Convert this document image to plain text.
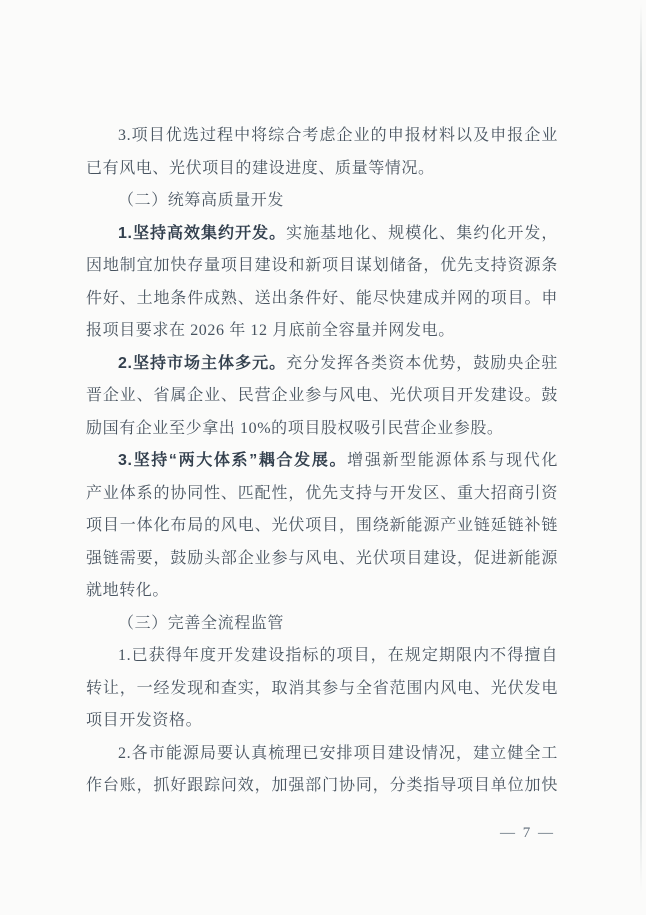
3.项目优选过程中将综合考虑企业的申报材料以及申报企业
已有风电、光伏项目的建设进度、质量等情况。
（二）统筹高质量开发
1.坚持高效集约开发。实施基地化、规模化、集约化开发，
因地制宜加快存量项目建设和新项目谋划储备，优先支持资源条
件好、土地条件成熟、送出条件好、能尽快建成并网的项目。申
报项目要求在 2026 年 12 月底前全容量并网发电。
2.坚持市场主体多元。充分发挥各类资本优势，鼓励央企驻
晋企业、省属企业、民营企业参与风电、光伏项目开发建设。鼓
励国有企业至少拿出 10%的项目股权吸引民营企业参股。
3.坚持“两大体系”耦合发展。增强新型能源体系与现代化
产业体系的协同性、匹配性，优先支持与开发区、重大招商引资
项目一体化布局的风电、光伏项目，围绕新能源产业链延链补链
强链需要，鼓励头部企业参与风电、光伏项目建设，促进新能源
就地转化。
（三）完善全流程监管
1.已获得年度开发建设指标的项目，在规定期限内不得擅自
转让，一经发现和查实，取消其参与全省范围内风电、光伏发电
项目开发资格。
2.各市能源局要认真梳理已安排项目建设情况，建立健全工
作台账，抓好跟踪问效，加强部门协同，分类指导项目单位加快
— 7 —
